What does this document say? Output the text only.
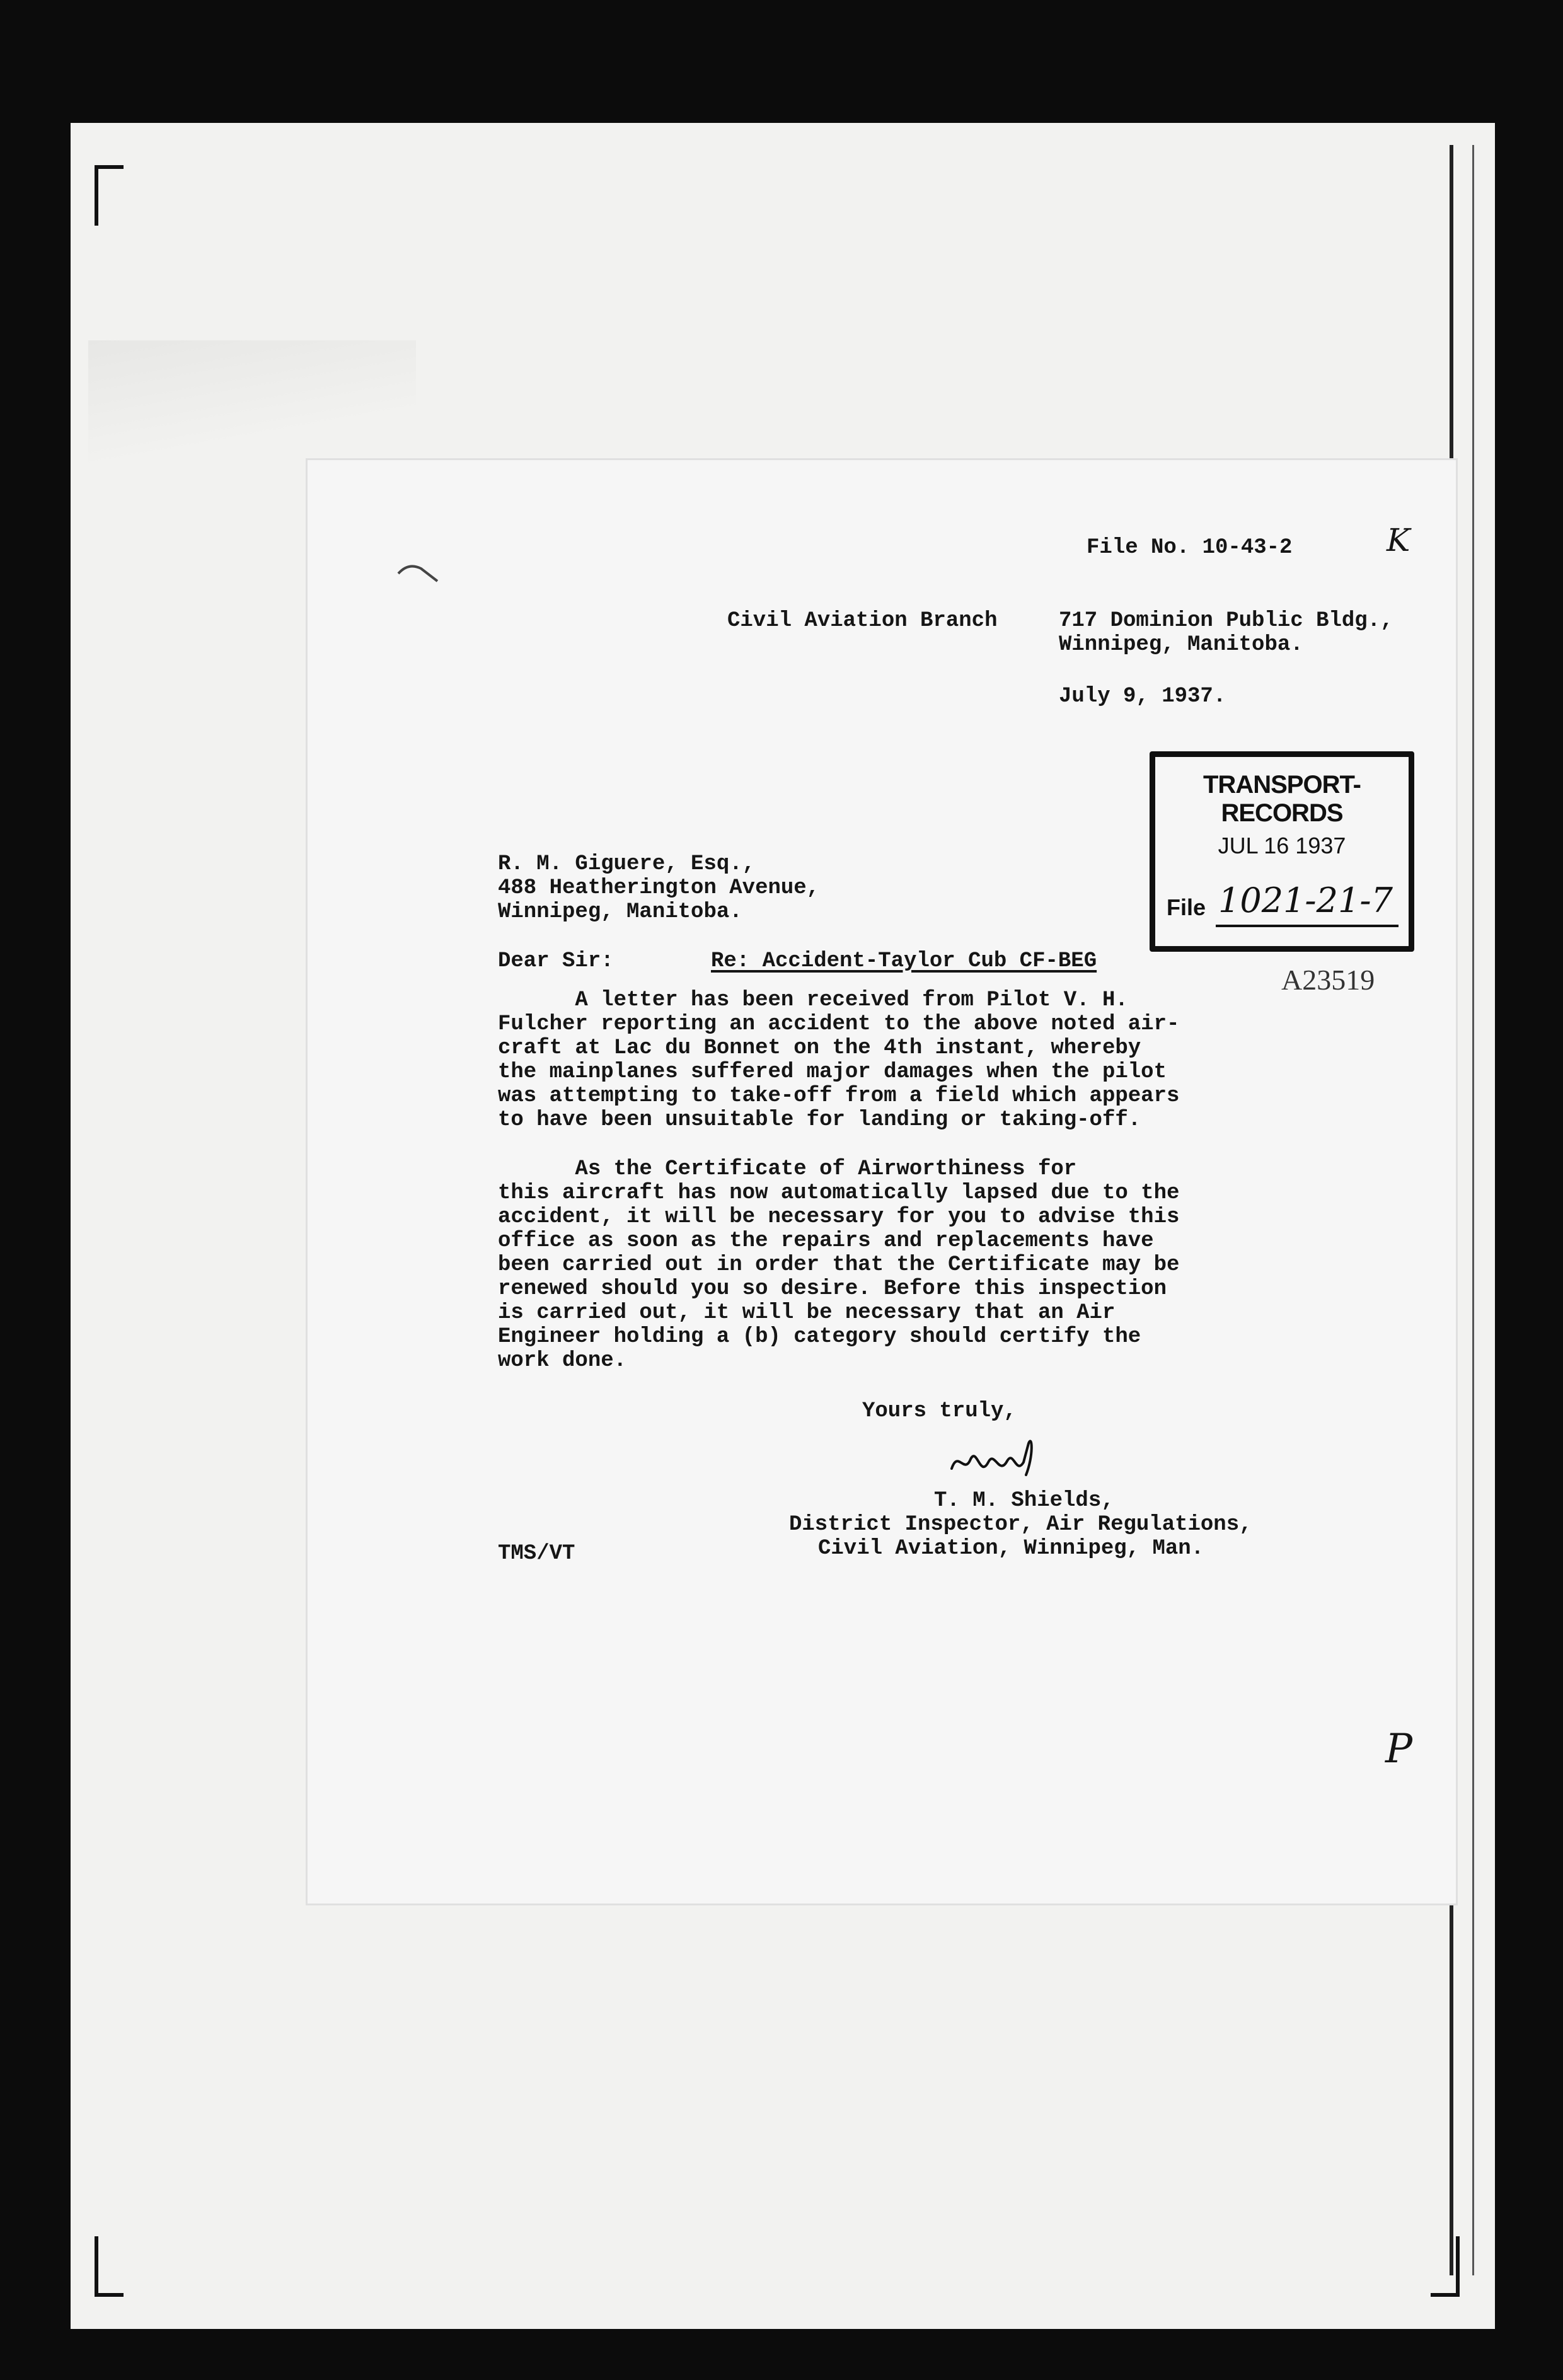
File No. 10-43-2	K
Civil Aviation Branch	717 Dominion Public Bldg.,
Winnipeg, Manitoba.
July 9, 1937.
TRANSPORT-RECORDS
JUL 16 1937
File 1021-21-7
R. M. Giguere, Esq.,
488 Heatherington Avenue,
Winnipeg, Manitoba.
Dear Sir:	Re: Accident-Taylor Cub CF-BEG
A23519
A letter has been received from Pilot V. H.
Fulcher reporting an accident to the above noted air-
craft at Lac du Bonnet on the 4th instant, whereby
the mainplanes suffered major damages when the pilot
was attempting to take-off from a field which appears
to have been unsuitable for landing or taking-off.
As the Certificate of Airworthiness for
this aircraft has now automatically lapsed due to the
accident, it will be necessary for you to advise this
office as soon as the repairs and replacements have
been carried out in order that the Certificate may be
renewed should you so desire. Before this inspection
is carried out, it will be necessary that an Air
Engineer holding a (b) category should certify the
work done.
Yours truly,
T. M. Shields,
District Inspector, Air Regulations,
Civil Aviation, Winnipeg, Man.
TMS/VT
P
